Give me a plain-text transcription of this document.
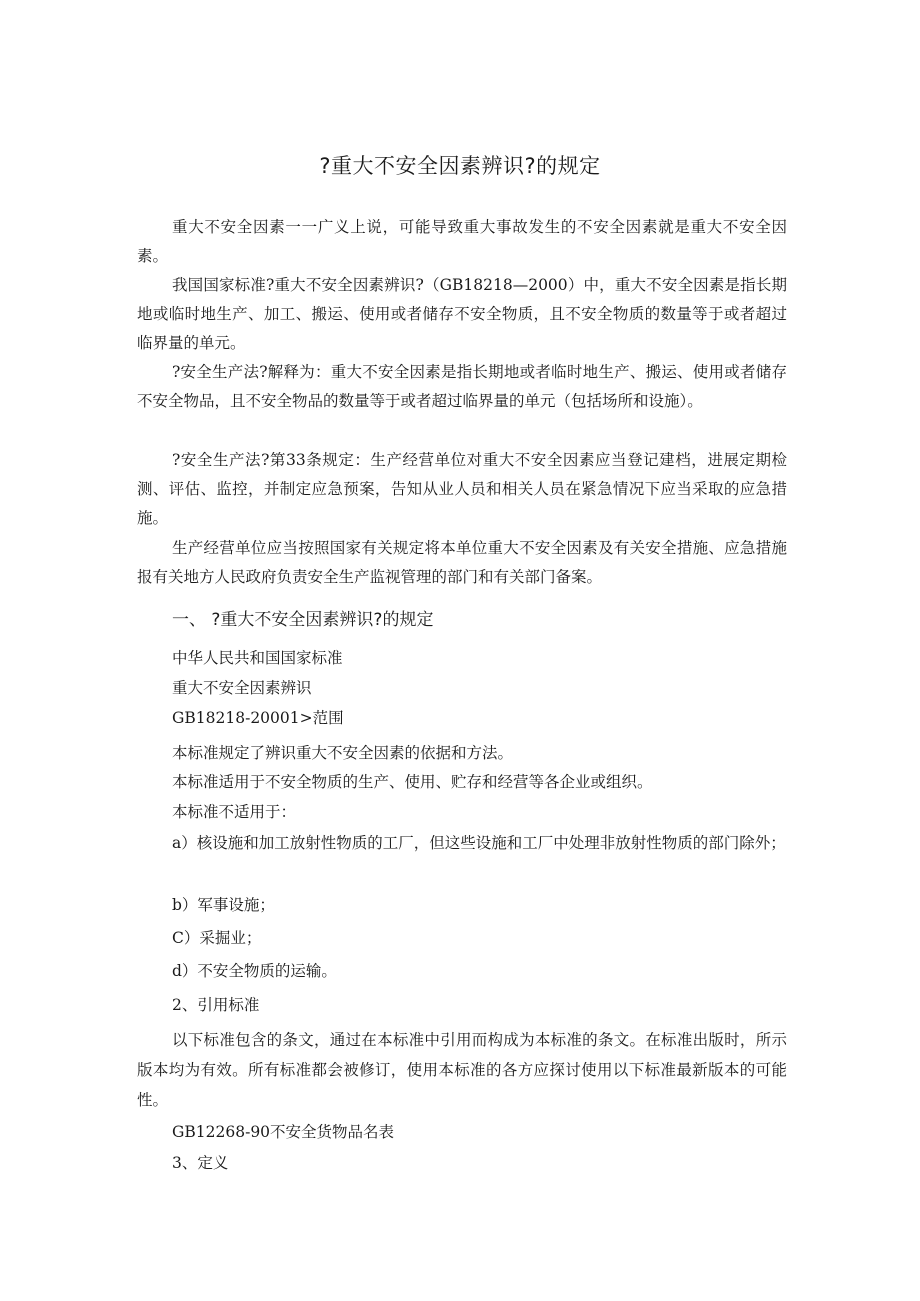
?重大不安全因素辨识?的规定

重大不安全因素一一广义上说，可能导致重大事故发生的不安全因素就是重大不安全因素。

我国国家标准?重大不安全因素辨识?（GB18218—2000）中，重大不安全因素是指长期地或临时地生产、加工、搬运、使用或者储存不安全物质，且不安全物质的数量等于或者超过临界量的单元。

?安全生产法?解释为：重大不安全因素是指长期地或者临时地生产、搬运、使用或者储存不安全物品，且不安全物品的数量等于或者超过临界量的单元（包括场所和设施）。

?安全生产法?第33条规定：生产经营单位对重大不安全因素应当登记建档，进展定期检测、评估、监控，并制定应急预案，告知从业人员和相关人员在紧急情况下应当采取的应急措施。

生产经营单位应当按照国家有关规定将本单位重大不安全因素及有关安全措施、应急措施报有关地方人民政府负责安全生产监视管理的部门和有关部门备案。

一、 ?重大不安全因素辨识?的规定

中华人民共和国国家标准

重大不安全因素辨识

GB18218-20001>范围

本标准规定了辨识重大不安全因素的依据和方法。

本标准适用于不安全物质的生产、使用、贮存和经营等各企业或组织。

本标准不适用于：

a）核设施和加工放射性物质的工厂，但这些设施和工厂中处理非放射性物质的部门除外；

b）军事设施；

C）采掘业；

d）不安全物质的运输。

2、引用标准

以下标准包含的条文，通过在本标准中引用而构成为本标准的条文。在标准出版时，所示版本均为有效。所有标准都会被修订，使用本标准的各方应探讨使用以下标准最新版本的可能性。

GB12268-90不安全货物品名表

3、定义
